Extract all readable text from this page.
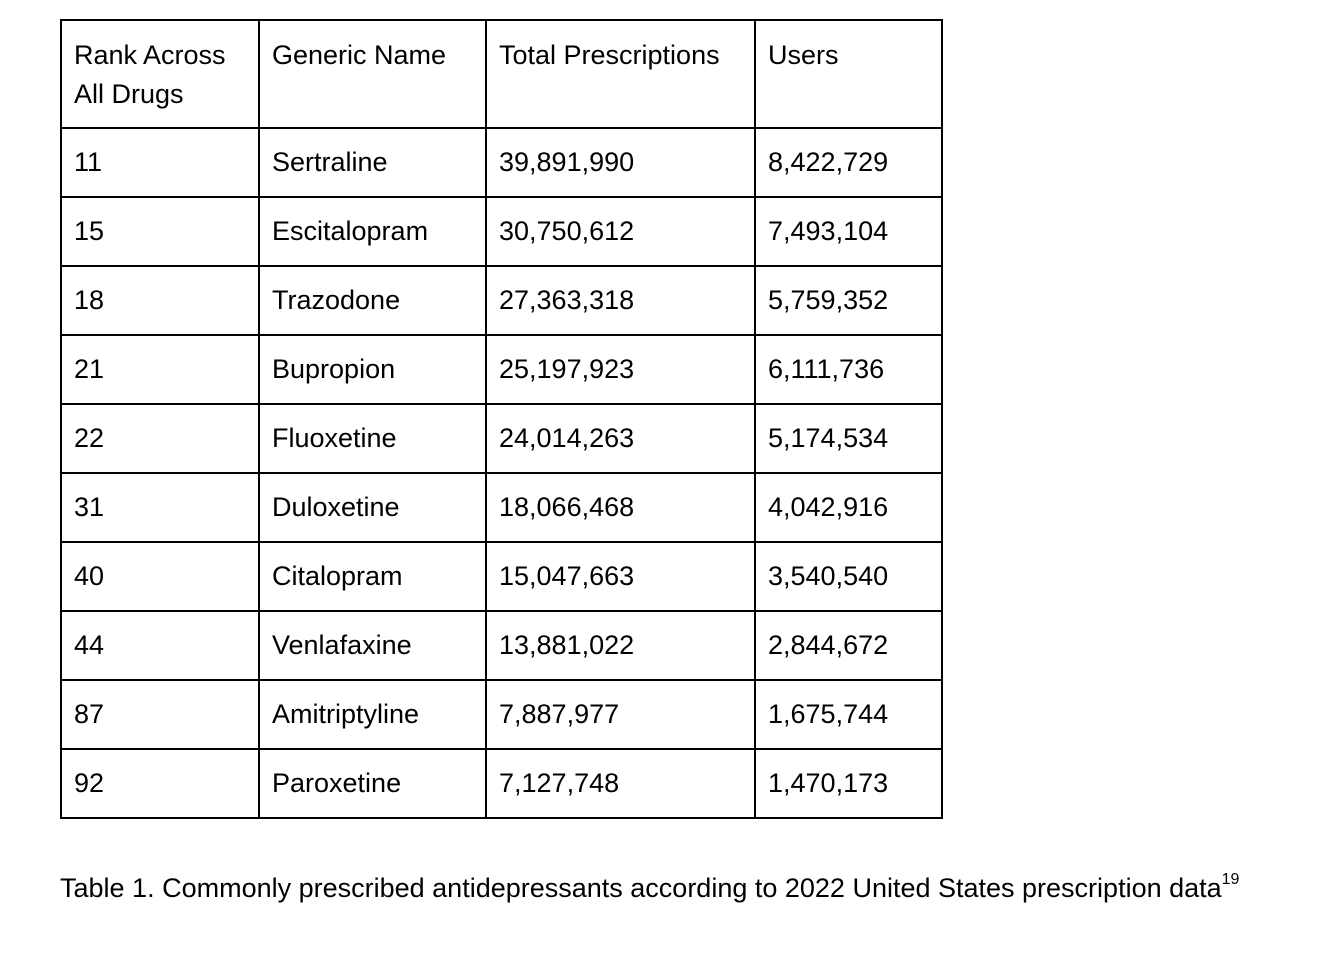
Rank Across All Drugs	Generic Name	Total Prescriptions	Users
11	Sertraline	39,891,990	8,422,729
15	Escitalopram	30,750,612	7,493,104
18	Trazodone	27,363,318	5,759,352
21	Bupropion	25,197,923	6,111,736
22	Fluoxetine	24,014,263	5,174,534
31	Duloxetine	18,066,468	4,042,916
40	Citalopram	15,047,663	3,540,540
44	Venlafaxine	13,881,022	2,844,672
87	Amitriptyline	7,887,977	1,675,744
92	Paroxetine	7,127,748	1,470,173
Table 1. Commonly prescribed antidepressants according to 2022 United States prescription data$^{19}$
